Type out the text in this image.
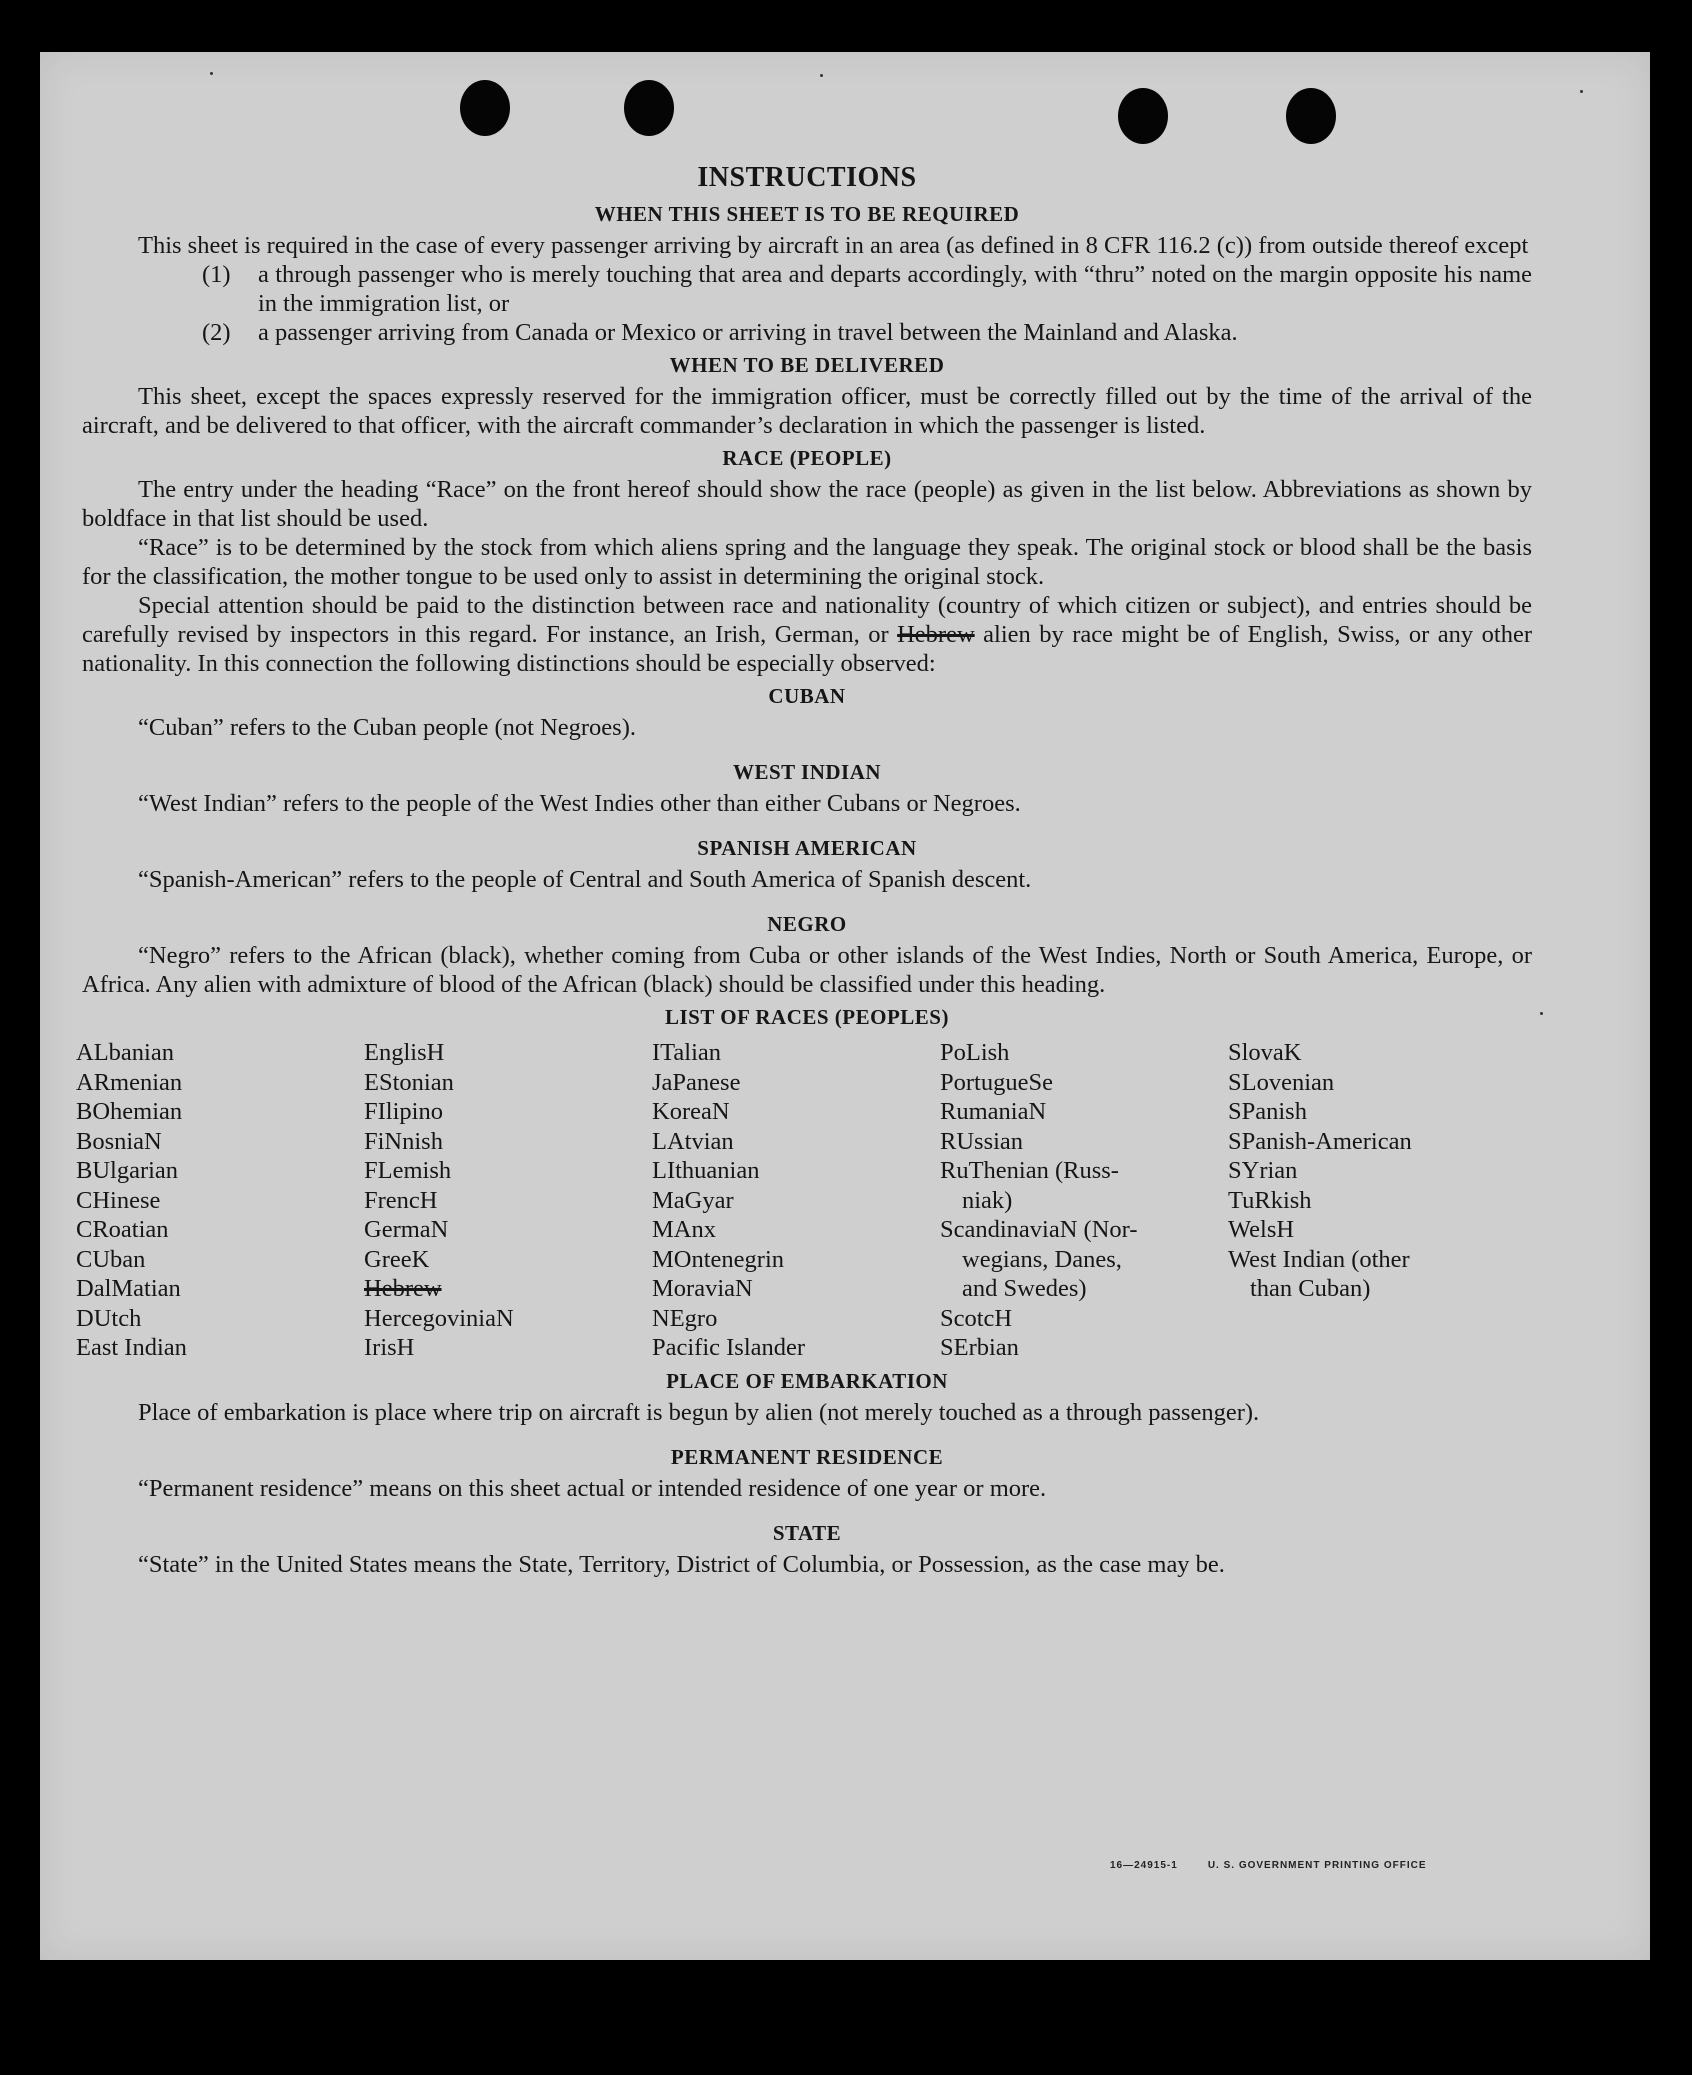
INSTRUCTIONS
WHEN THIS SHEET IS TO BE REQUIRED

This sheet is required in the case of every passenger arriving by aircraft in an area (as defined in 8 CFR 116.2 (c)) from outside thereof except

(1)	a through passenger who is merely touching that area and departs accordingly, with “thru” noted on the margin opposite his name in the immigration list, or
(2)	a passenger arriving from Canada or Mexico or arriving in travel between the Mainland and Alaska.
WHEN TO BE DELIVERED

This sheet, except the spaces expressly reserved for the immigration officer, must be correctly filled out by the time of the arrival of the aircraft, and be delivered to that officer, with the aircraft commander’s declaration in which the passenger is listed.

RACE (PEOPLE)

The entry under the heading “Race” on the front hereof should show the race (people) as given in the list below. Abbreviations as shown by boldface in that list should be used.

“Race” is to be determined by the stock from which aliens spring and the language they speak. The original stock or blood shall be the basis for the classification, the mother tongue to be used only to assist in determining the original stock.

Special attention should be paid to the distinction between race and nationality (country of which citizen or subject), and entries should be carefully revised by inspectors in this regard. For instance, an Irish, German, or Hebrew alien by race might be of English, Swiss, or any other nationality. In this connection the following distinctions should be especially observed:

CUBAN

“Cuban” refers to the Cuban people (not Negroes).

WEST INDIAN

“West Indian” refers to the people of the West Indies other than either Cubans or Negroes.

SPANISH AMERICAN

“Spanish-American” refers to the people of Central and South America of Spanish descent.

NEGRO

“Negro” refers to the African (black), whether coming from Cuba or other islands of the West Indies, North or South America, Europe, or Africa. Any alien with admixture of blood of the African (black) should be classified under this heading.

LIST OF RACES (PEOPLES)
ALbanian
ARmenian
BOhemian
BosniaN
BUlgarian
CHinese
CRoatian
CUban
DalMatian
DUtch
East Indian
EnglisH
EStonian
FIlipino
FiNnish
FLemish
FrencH
GermaN
GreeK
Hebrew
HercegoviniaN
IrisH
ITalian
JaPanese
KoreaN
LAtvian
LIthuanian
MaGyar
MAnx
MOntenegrin
MoraviaN
NEgro
Pacific Islander
PoLish
PortugueSe
RumaniaN
RUssian
RuThenian (Russ-
niak)
ScandinaviaN (Nor-
wegians, Danes,
and Swedes)
ScotcH
SErbian
SlovaK
SLovenian
SPanish
SPanish-American
SYrian
TuRkish
WelsH
West Indian (other
than Cuban)
PLACE OF EMBARKATION

Place of embarkation is place where trip on aircraft is begun by alien (not merely touched as a through passenger).

PERMANENT RESIDENCE

“Permanent residence” means on this sheet actual or intended residence of one year or more.

STATE

“State” in the United States means the State, Territory, District of Columbia, or Possession, as the case may be.

16—24915-1	U. S. GOVERNMENT PRINTING OFFICE
